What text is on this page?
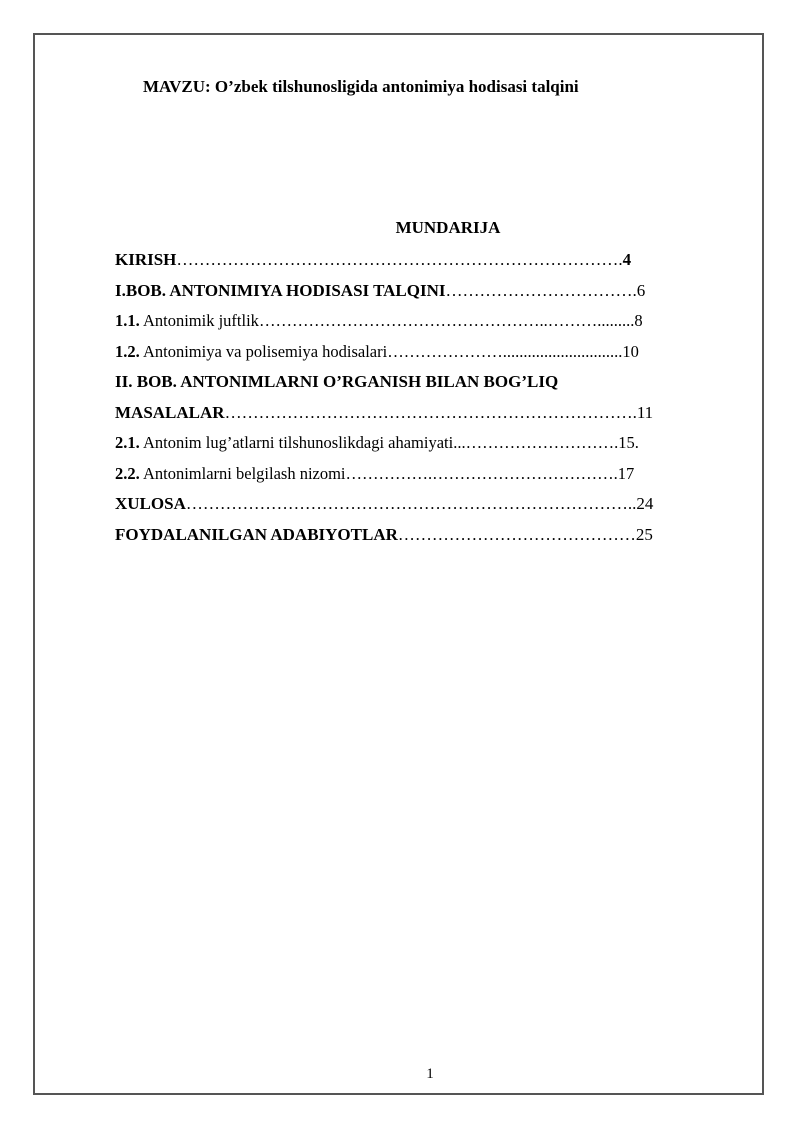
MAVZU: O’zbek tilshunosligida antonimiya hodisasi talqini
MUNDARIJA
KIRISH…………………………………………………………………….4
I.BOB. ANTONIMIYA HODISASI TALQINI…………………………….6
1.1. Antonimik juftlik……………………………………………..……….........8
1.2. Antonimiya va polisemiya hodisalari………………….............................10
II. BOB. ANTONIMLARNI O’RGANISH BILAN BOG’LIQ
MASALALAR……………………………………………………………….11
2.1. Antonim lug’atlarni tilshunoslikdagi ahamiyati...……………………….15.
2.2. Antonimlarni belgilash nizomi…………….…………………………….17
XULOSA……………………………………………………………………..24
FOYDALANILGAN ADABIYOTLAR……………………………………25
1
